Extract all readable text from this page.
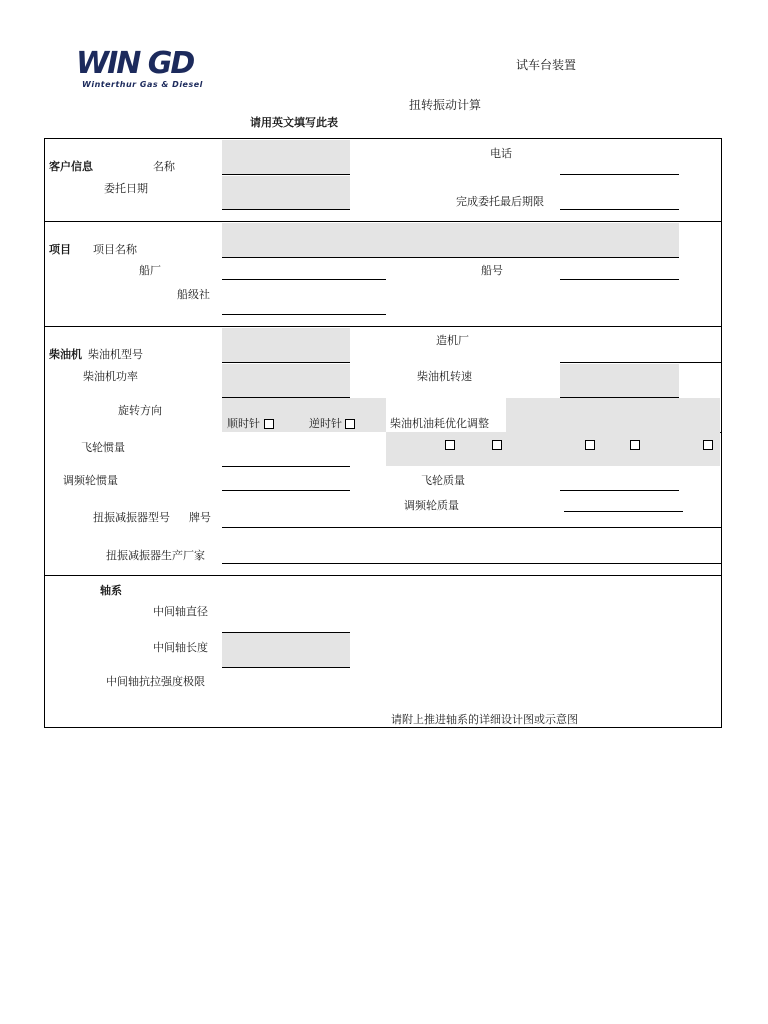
WIN GD
Winterthur Gas & Diesel
试车台装置
扭转振动计算
请用英文填写此表
客户信息	名称
电话
委托日期
完成委托最后期限
项目 项目名称
船厂	船号
船级社
柴油机 柴油机型号
造机厂
柴油机功率	柴油机转速
旋转方向
顺时针	逆时针	柴油机油耗优化调整
飞轮惯量
调频轮惯量	飞轮质量
调频轮质量
扭振减振器型号 牌号
扭振减振器生产厂家
轴系
中间轴直径
中间轴长度
中间轴抗拉强度极限
请附上推进轴系的详细设计图或示意图
